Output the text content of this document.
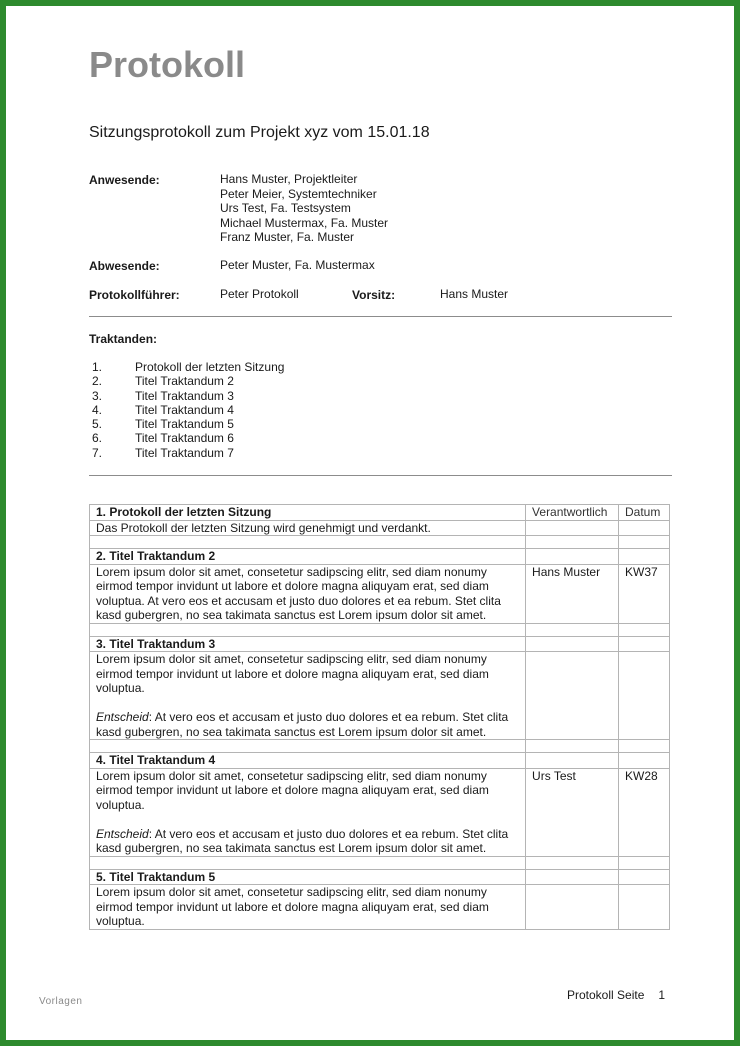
Protokoll
Sitzungsprotokoll zum Projekt xyz vom 15.01.18
Anwesende:	Hans Muster, Projektleiter
Peter Meier, Systemtechniker
Urs Test, Fa. Testsystem
Michael Mustermax, Fa. Muster
Franz Muster, Fa. Muster
Abwesende:	Peter Muster, Fa. Mustermax
Protokollführer:	Peter Protokoll	Vorsitz:	Hans Muster
Traktanden:
1.	Protokoll der letzten Sitzung
2.	Titel Traktandum 2
3.	Titel Traktandum 3
4.	Titel Traktandum 4
5.	Titel Traktandum 5
6.	Titel Traktandum 6
7.	Titel Traktandum 7
1. Protokoll der letzten Sitzung	Verantwortlich	Datum
Das Protokoll der letzten Sitzung wird genehmigt und verdankt.		

2. Titel Traktandum 2		
Lorem ipsum dolor sit amet, consetetur sadipscing elitr, sed diam nonumy eirmod tempor invidunt ut labore et dolore magna aliquyam erat, sed diam voluptua. At vero eos et accusam et justo duo dolores et ea rebum. Stet clita kasd gubergren, no sea takimata sanctus est Lorem ipsum dolor sit amet.	Hans Muster	KW37

3. Titel Traktandum 3		

Lorem ipsum dolor sit amet, consetetur sadipscing elitr, sed diam nonumy eirmod tempor invidunt ut labore et dolore magna aliquyam erat, sed diam voluptua.
Entscheid: At vero eos et accusam et justo duo dolores et ea rebum. Stet clita kasd gubergren, no sea takimata sanctus est Lorem ipsum dolor sit amet.		

4. Titel Traktandum 4		

Lorem ipsum dolor sit amet, consetetur sadipscing elitr, sed diam nonumy eirmod tempor invidunt ut labore et dolore magna aliquyam erat, sed diam voluptua.
Entscheid: At vero eos et accusam et justo duo dolores et ea rebum. Stet clita kasd gubergren, no sea takimata sanctus est Lorem ipsum dolor sit amet.	Urs Test	KW28

5. Titel Traktandum 5		
Lorem ipsum dolor sit amet, consetetur sadipscing elitr, sed diam nonumy eirmod tempor invidunt ut labore et dolore magna aliquyam erat, sed diam voluptua.		
Vorlagen	Protokoll Seite 1
